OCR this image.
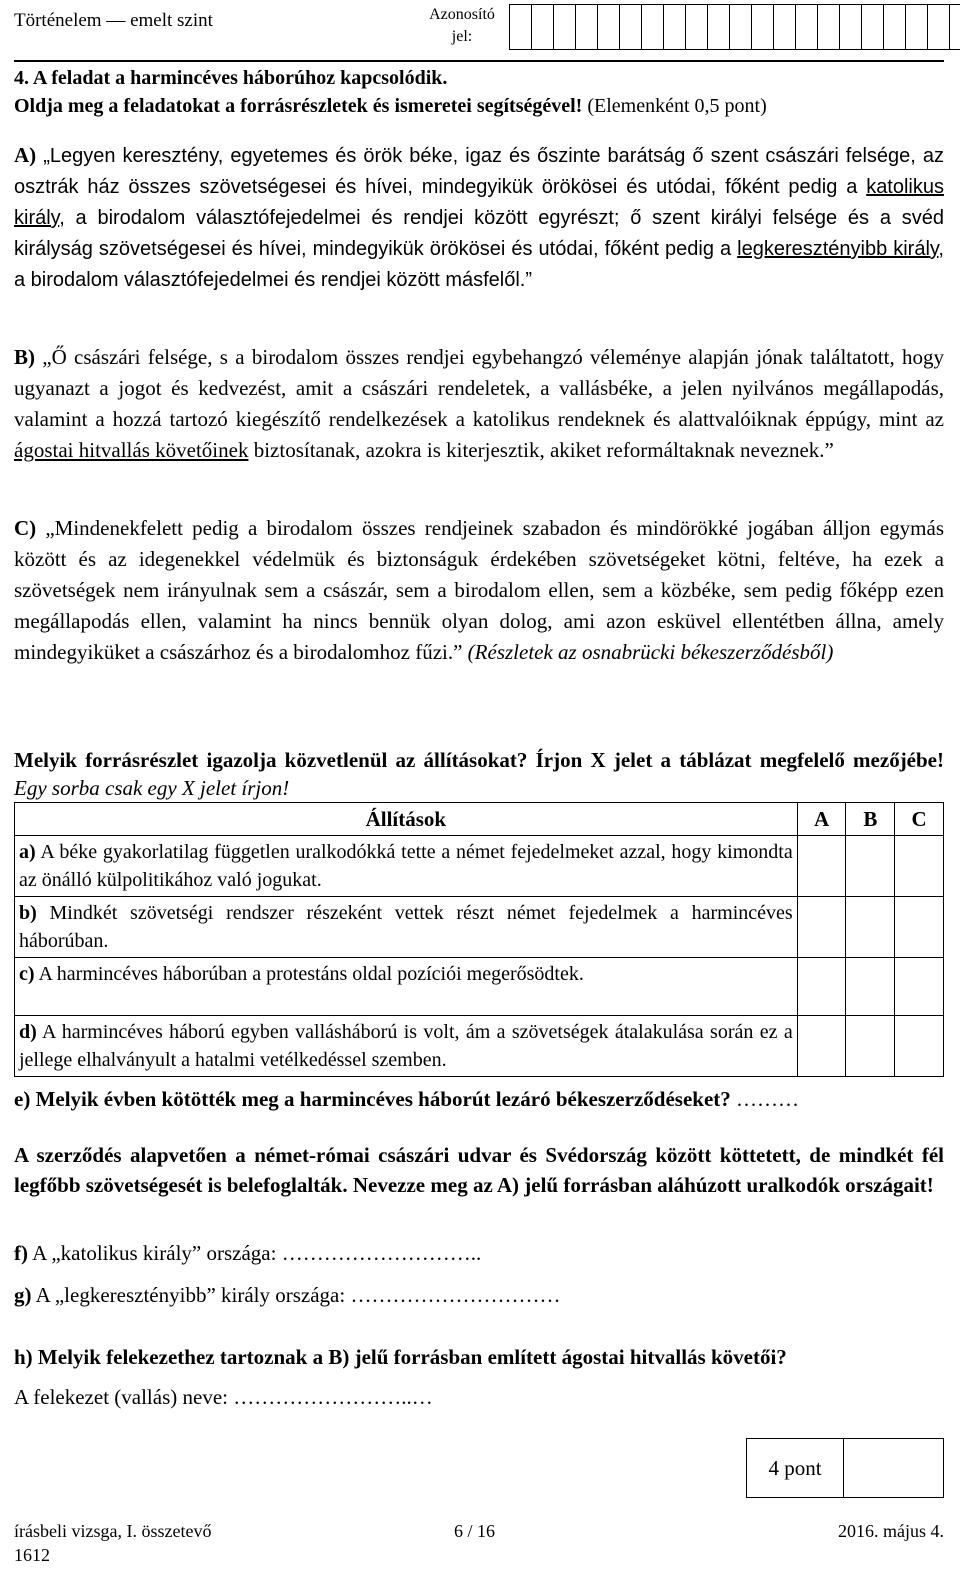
Történelem — emelt szint	Azonosító
jel:
4. A feladat a harmincéves háborúhoz kapcsolódik.
Oldja meg a feladatokat a forrásrészletek és ismeretei segítségével! (Elemenként 0,5 pont)
A) „Legyen keresztény, egyetemes és örök béke, igaz és őszinte barátság ő szent császári felsége, az osztrák ház összes szövetségesei és hívei, mindegyikük örökösei és utódai, főként pedig a katolikus király, a birodalom választófejedelmei és rendjei között egyrészt; ő szent királyi felsége és a svéd királyság szövetségesei és hívei, mindegyikük örökösei és utódai, főként pedig a legkeresztényibb király, a birodalom választófejedelmei és rendjei között másfelől.”
B) „Ő császári felsége, s a birodalom összes rendjei egybehangzó véleménye alapján jónak találtatott, hogy ugyanazt a jogot és kedvezést, amit a császári rendeletek, a vallásbéke, a jelen nyilvános megállapodás, valamint a hozzá tartozó kiegészítő rendelkezések a katolikus rendeknek és alattvalóiknak éppúgy, mint az ágostai hitvallás követőinek biztosítanak, azokra is kiterjesztik, akiket reformáltaknak neveznek.”
C) „Mindenekfelett pedig a birodalom összes rendjeinek szabadon és mindörökké jogában álljon egymás között és az idegenekkel védelmük és biztonságuk érdekében szövetségeket kötni, feltéve, ha ezek a szövetségek nem irányulnak sem a császár, sem a birodalom ellen, sem a közbéke, sem pedig főképp ezen megállapodás ellen, valamint ha nincs bennük olyan dolog, ami azon esküvel ellentétben állna, amely mindegyiküket a császárhoz és a birodalomhoz fűzi.” (Részletek az osnabrücki békeszerződésből)
Melyik forrásrészlet igazolja közvetlenül az állításokat? Írjon X jelet a táblázat megfelelő mezőjébe! Egy sorba csak egy X jelet írjon!
Állítások	A	B	C
a) A béke gyakorlatilag független uralkodókká tette a német fejedelmeket azzal, hogy kimondta az önálló külpolitikához való jogukat.			
b) Mindkét szövetségi rendszer részeként vettek részt német fejedelmek a harmincéves háborúban.			
c) A harmincéves háborúban a protestáns oldal pozíciói megerősödtek.			
d) A harmincéves háború egyben vallásháború is volt, ám a szövetségek átalakulása során ez a jellege elhalványult a hatalmi vetélkedéssel szemben.			
e) Melyik évben kötötték meg a harmincéves háborút lezáró békeszerződéseket? ………
A szerződés alapvetően a német-római császári udvar és Svédország között köttetett, de mindkét fél legfőbb szövetségesét is belefoglalták. Nevezze meg az A) jelű forrásban aláhúzott uralkodók országait!
f) A „katolikus király” országa: ………………………..
g) A „legkeresztényibb” király országa: …………………………
h) Melyik felekezethez tartoznak a B) jelű forrásban említett ágostai hitvallás követői?
A felekezet (vallás) neve: ……………………..…
4 pont
írásbeli vizsga, I. összetevő	6 / 16	2016. május 4.
1612
